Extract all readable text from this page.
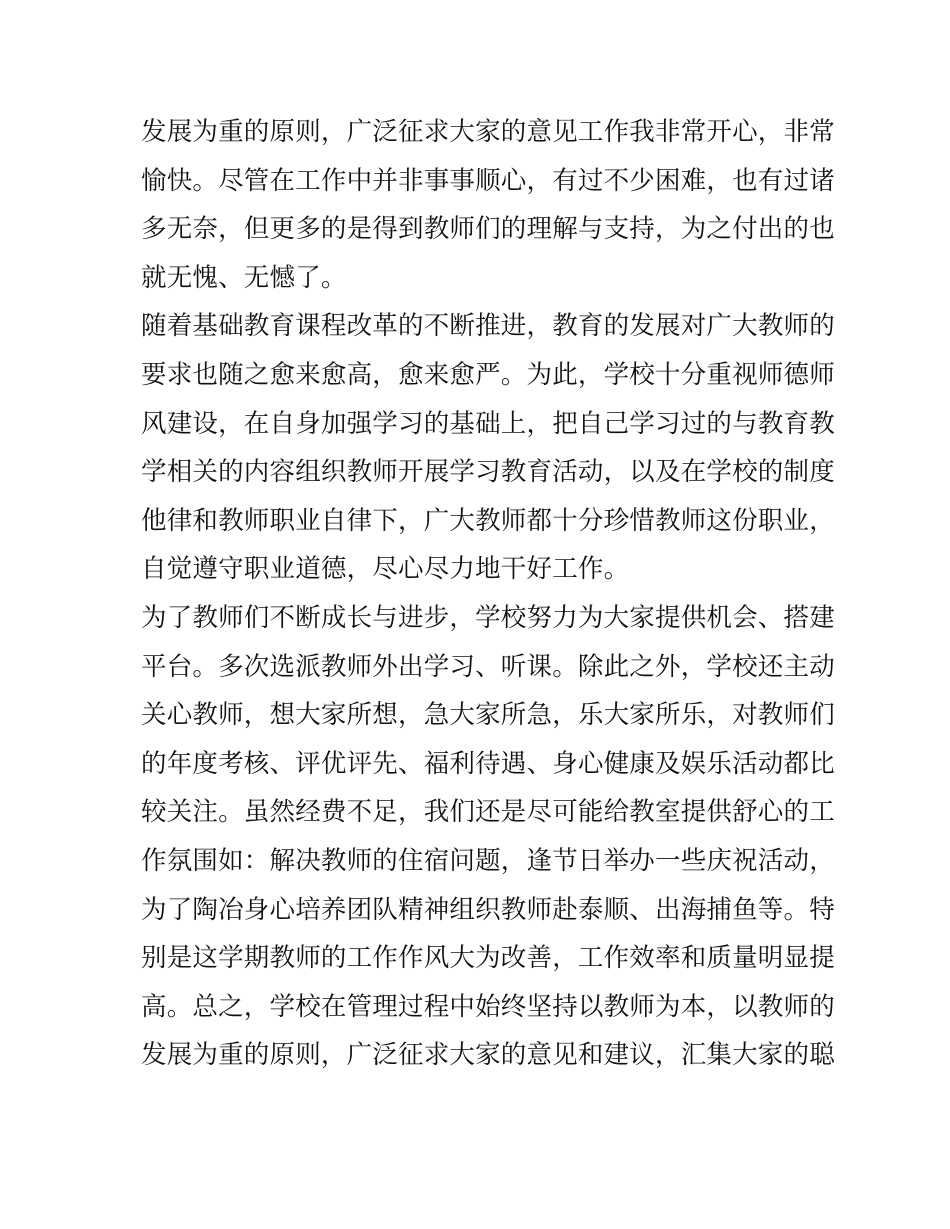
发展为重的原则，广泛征求大家的意见工作我非常开心，非常
愉快。尽管在工作中并非事事顺心，有过不少困难，也有过诸
多无奈，但更多的是得到教师们的理解与支持，为之付出的也
就无愧、无憾了。
随着基础教育课程改革的不断推进，教育的发展对广大教师的
要求也随之愈来愈高，愈来愈严。为此，学校十分重视师德师
风建设，在自身加强学习的基础上，把自己学习过的与教育教
学相关的内容组织教师开展学习教育活动，以及在学校的制度
他律和教师职业自律下，广大教师都十分珍惜教师这份职业，
自觉遵守职业道德，尽心尽力地干好工作。
为了教师们不断成长与进步，学校努力为大家提供机会、搭建
平台。多次选派教师外出学习、听课。除此之外，学校还主动
关心教师，想大家所想，急大家所急，乐大家所乐，对教师们
的年度考核、评优评先、福利待遇、身心健康及娱乐活动都比
较关注。虽然经费不足，我们还是尽可能给教室提供舒心的工
作氛围如：解决教师的住宿问题，逢节日举办一些庆祝活动，
为了陶冶身心培养团队精神组织教师赴泰顺、出海捕鱼等。特
别是这学期教师的工作作风大为改善，工作效率和质量明显提
高。总之，学校在管理过程中始终坚持以教师为本，以教师的
发展为重的原则，广泛征求大家的意见和建议，汇集大家的聪
